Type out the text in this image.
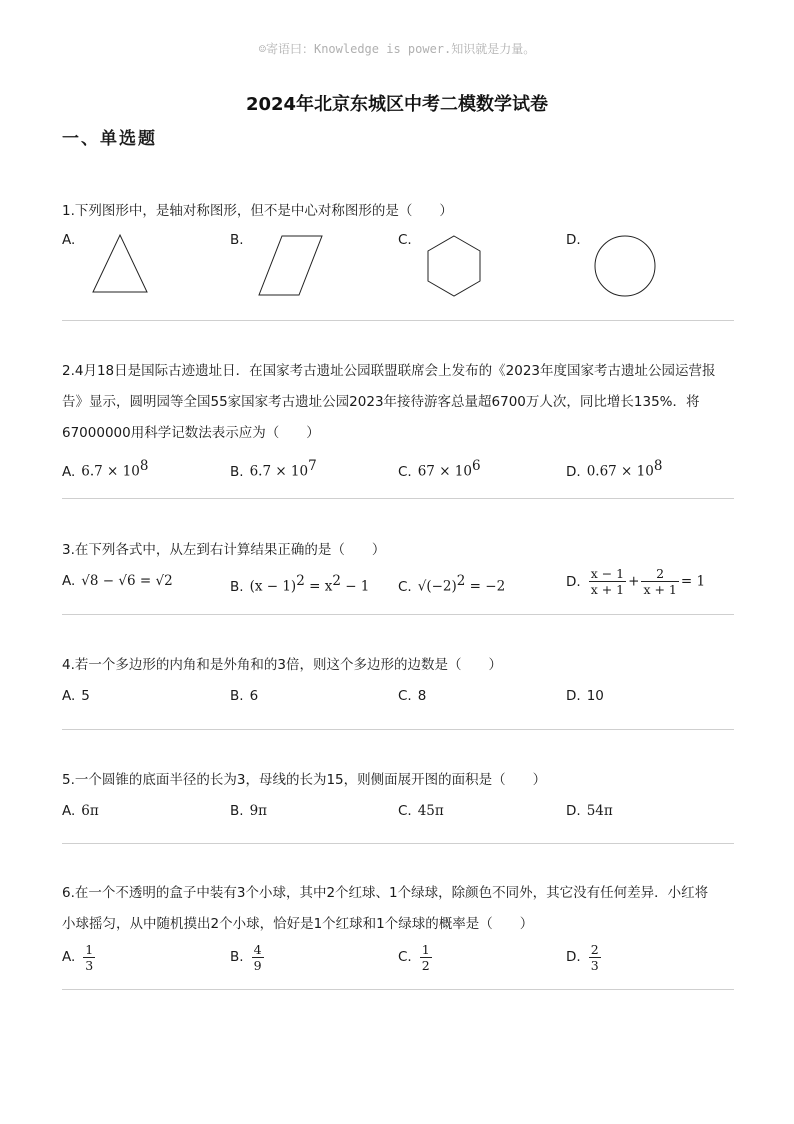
☺寄语曰：Knowledge is power.知识就是力量。
2024年北京东城区中考二模数学试卷
一、单选题
1.下列图形中，是轴对称图形，但不是中心对称图形的是（　　）
A.	B.	C.	D.
2.4月18日是国际古迹遗址日．在国家考古遗址公园联盟联席会上发布的《2023年度国家考古遗址公园运营报
告》显示，圆明园等全国55家国家考古遗址公园2023年接待游客总量超6700万人次，同比增长135%．将
67000000用科学记数法表示应为（　　）
A. $6.7 \times 10^8$	B. $6.7 \times 10^7$	C. $67 \times 10^6$	D. $0.67 \times 10^8$
3.在下列各式中，从左到右计算结果正确的是（　　）
A. √8 − √6 = √2	B. $(x - 1)^2 = x^2 - 1$ C. $√(-2)^2 = -2$	D. $\frac{x - 1}{x + 1} + \frac{2}{x + 1} = 1$
4.若一个多边形的内角和是外角和的3倍，则这个多边形的边数是（　　）
A. 5	B. 6	C. 8	D. 10
5.一个圆锥的底面半径的长为3，母线的长为15，则侧面展开图的面积是（　　）
A. 6π	B. 9π	C. 45π	D. 54π
6.在一个不透明的盒子中装有3个小球，其中2个红球、1个绿球，除颜色不同外，其它没有任何差异．小红将
小球摇匀，从中随机摸出2个小球，恰好是1个红球和1个绿球的概率是（　　）
A. $\frac{1}{3}$	B. $\frac{4}{9}$	C. $\frac{1}{2}$	D. $\frac{2}{3}$
